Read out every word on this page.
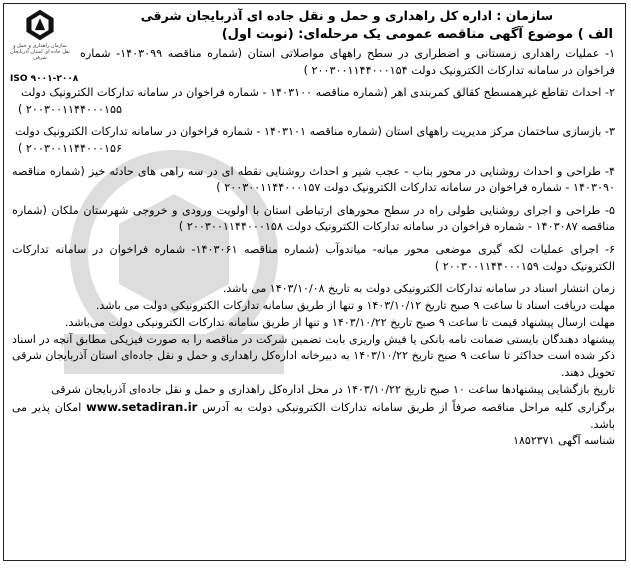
سازمان راهداری و حمل و نقل جاده ای استان آذربایجان شرقی
ISO ۹۰۰۱-۲۰۰۸
سازمان : اداره کل راهداری و حمل و نقل جاده ای آذربایجان شرقی
الف ) موضوع آگهی مناقصه عمومی یک مرحله‌ای: (نوبت اول)
۱- عملیات راهداری زمستانی و اضطراری در سطح راههای مواصلاتی استان (شماره مناقصه ۱۴۰۳۰۹۹- شماره فراخوان در سامانه تدارکات الکترونیک دولت ۲۰۰۳۰۰۱۱۴۴۰۰۰۱۵۴ )
۲- احداث تقاطع غیرهمسطح کقالق کمربندی اهر (شماره مناقصه ۱۴۰۳۱۰۰ - شماره فراخوان در سامانه تدارکات الکترونیک دولت
۲۰۰۳۰۰۱۱۴۴۰۰۰۱۵۵ )
۳- بازسازی ساختمان مرکز مدیریت راههای استان (شماره مناقصه ۱۴۰۳۱۰۱ - شماره فراخوان در سامانه تدارکات الکترونیک دولت
۲۰۰۳۰۰۱۱۴۴۰۰۰۱۵۶ )
۴- طراحی و احداث روشنایی در محور بناب - عجب شیر و احداث روشنایی نقطه ای در سه راهی های حادثه خیز (شماره مناقصه ۱۴۰۳۰۹۰ - شماره فراخوان در سامانه تدارکات الکترونیک دولت ۲۰۰۳۰۰۱۱۴۴۰۰۰۱۵۷ )
۵- طراحی و اجرای روشنایی طولی راه در سطح محورهای ارتباطی استان با اولویت ورودی و خروجی شهرستان ملکان (شماره مناقصه ۱۴۰۳۰۸۷ - شماره فراخوان در سامانه تدارکات الکترونیک دولت ۲۰۰۳۰۰۱۱۴۴۰۰۰۱۵۸ )
۶- اجرای عملیات لکه گیری موضعی محور میانه- میاندوآب (شماره مناقصه ۱۴۰۳۰۶۱- شماره فراخوان در سامانه تدارکات الکترونیک دولت ۲۰۰۳۰۰۱۱۴۴۰۰۰۱۵۹ )

زمان انتشار اسناد در سامانه تدارکات الکترونیکی دولت به تاریخ ۱۴۰۳/۱۰/۰۸ می باشد.

مهلت دریافت اسناد تا ساعت ۹ صبح تاریخ ۱۴۰۳/۱۰/۱۲ و تنها از طریق سامانه تدارکات الکترونیکی دولت می باشد.

مهلت ارسال پیشنهاد قیمت تا ساعت ۹ صبح تاریخ ۱۴۰۳/۱۰/۲۲ و تنها از طریق سامانه تدارکات الکترونیکی دولت می‌باشد.

پیشنهاد دهندگان بایستی ضمانت نامه بانکی یا فیش واریزی بابت تضمین شرکت در مناقصه را به صورت فیزیکی مطابق آنچه در اسناد ذکر شده است حداکثر تا ساعت ۹ صبح تاریخ ۱۴۰۳/۱۰/۲۲ به دبیرخانه اداره‌کل راهداری و حمل و نقل جاده‌ای استان آذربایجان شرقی تحویل دهند.

تاریخ بازگشایی پیشنهادها ساعت ۱۰ صبح تاریخ ۱۴۰۳/۱۰/۲۲ در محل اداره‌کل راهداری و حمل و نقل جاده‌ای آذربایجان شرقی

برگزاری کلیه مراحل مناقصه صرفاً از طریق سامانه تدارکات الکترونیکی دولت به آدرس www.setadiran.ir امکان پذیر می باشد.

شناسه آگهی ۱۸۵۲۳۷۱
